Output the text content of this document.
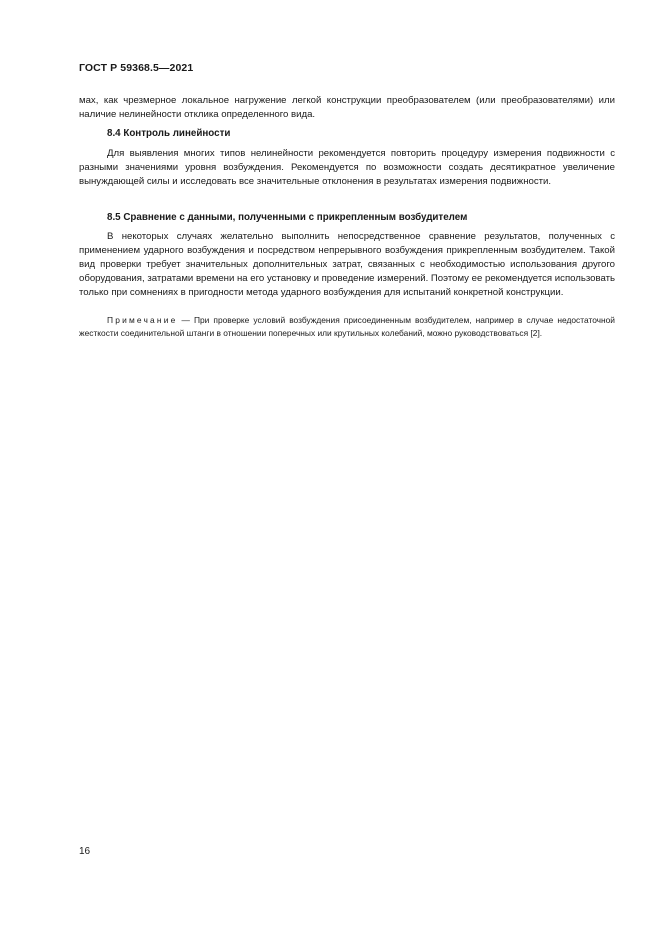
ГОСТ Р 59368.5—2021
мах, как чрезмерное локальное нагружение легкой конструкции преобразователем (или преобразователями) или наличие нелинейности отклика определенного вида.
8.4 Контроль линейности
Для выявления многих типов нелинейности рекомендуется повторить процедуру измерения подвижности с разными значениями уровня возбуждения. Рекомендуется по возможности создать десятикратное увеличение вынуждающей силы и исследовать все значительные отклонения в результатах измерения подвижности.
8.5 Сравнение с данными, полученными с прикрепленным возбудителем
В некоторых случаях желательно выполнить непосредственное сравнение результатов, полученных с применением ударного возбуждения и посредством непрерывного возбуждения прикрепленным возбудителем. Такой вид проверки требует значительных дополнительных затрат, связанных с необходимостью использования другого оборудования, затратами времени на его установку и проведение измерений. Поэтому ее рекомендуется использовать только при сомнениях в пригодности метода ударного возбуждения для испытаний конкретной конструкции.
Примечание — При проверке условий возбуждения присоединенным возбудителем, например в случае недостаточной жесткости соединительной штанги в отношении поперечных или крутильных колебаний, можно руководствоваться [2].
16
